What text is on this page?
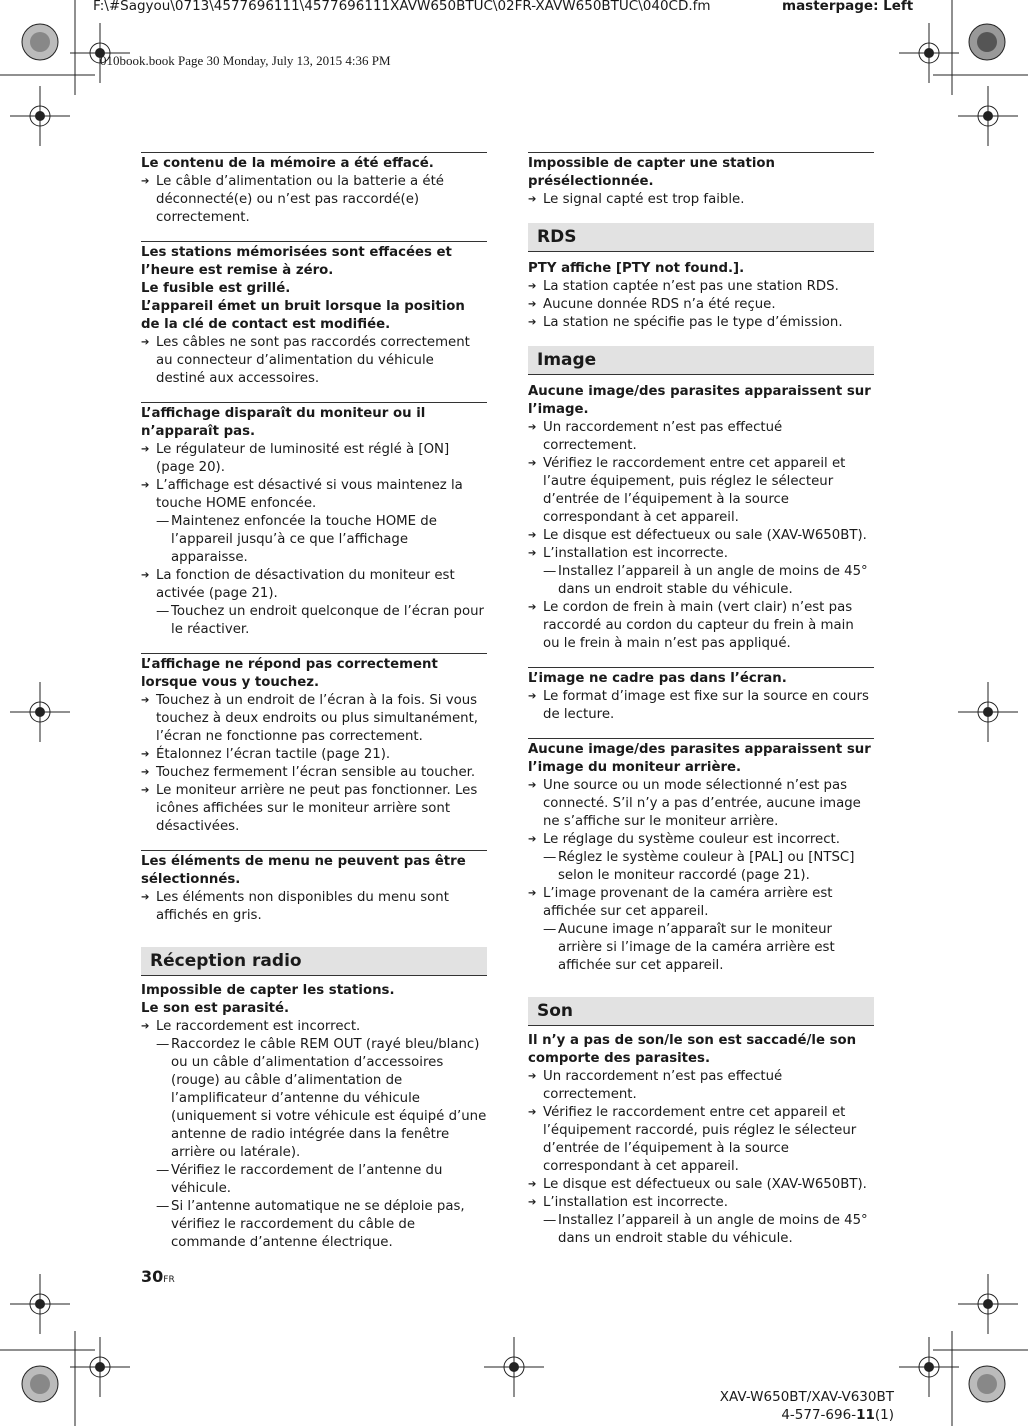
F:\#Sagyou\0713\4577696111\4577696111XAVW650BTUC\02FR-XAVW650BTUC\040CD.fm	masterpage: Left
010book.book Page 30 Monday, July 13, 2015 4:36 PM
Le contenu de la mémoire a été effacé.
➔ Le câble d’alimentation ou la batterie a été déconnecté(e) ou n’est pas raccordé(e) correctement.
Les stations mémorisées sont effacées et l’heure est remise à zéro.
Le fusible est grillé.
L’appareil émet un bruit lorsque la position de la clé de contact est modifiée.
➔ Les câbles ne sont pas raccordés correctement au connecteur d’alimentation du véhicule destiné aux accessoires.
L’affichage disparaît du moniteur ou il n’apparaît pas.
➔ Le régulateur de luminosité est réglé à [ON] (page 20).
➔ L’affichage est désactivé si vous maintenez la touche HOME enfoncée.
— Maintenez enfoncée la touche HOME de l’appareil jusqu’à ce que l’affichage apparaisse.
➔ La fonction de désactivation du moniteur est activée (page 21).
— Touchez un endroit quelconque de l’écran pour le réactiver.
L’affichage ne répond pas correctement lorsque vous y touchez.
➔ Touchez à un endroit de l’écran à la fois. Si vous touchez à deux endroits ou plus simultanément, l’écran ne fonctionne pas correctement.
➔ Étalonnez l’écran tactile (page 21).
➔ Touchez fermement l’écran sensible au toucher.
➔ Le moniteur arrière ne peut pas fonctionner. Les icônes affichées sur le moniteur arrière sont désactivées.
Les éléments de menu ne peuvent pas être sélectionnés.
➔ Les éléments non disponibles du menu sont affichés en gris.
Réception radio
Impossible de capter les stations.
Le son est parasité.
➔ Le raccordement est incorrect.
— Raccordez le câble REM OUT (rayé bleu/blanc) ou un câble d’alimentation d’accessoires (rouge) au câble d’alimentation de l’amplificateur d’antenne du véhicule (uniquement si votre véhicule est équipé d’une antenne de radio intégrée dans la fenêtre arrière ou latérale).
— Vérifiez le raccordement de l’antenne du véhicule.
— Si l’antenne automatique ne se déploie pas, vérifiez le raccordement du câble de commande d’antenne électrique.
Impossible de capter une station présélectionnée.
➔ Le signal capté est trop faible.
RDS
PTY affiche [PTY not found.].
➔ La station captée n’est pas une station RDS.
➔ Aucune donnée RDS n’a été reçue.
➔ La station ne spécifie pas le type d’émission.
Image
Aucune image/des parasites apparaissent sur l’image.
➔ Un raccordement n’est pas effectué correctement.
➔ Vérifiez le raccordement entre cet appareil et l’autre équipement, puis réglez le sélecteur d’entrée de l’équipement à la source correspondant à cet appareil.
➔ Le disque est défectueux ou sale (XAV-W650BT).
➔ L’installation est incorrecte.
— Installez l’appareil à un angle de moins de 45° dans un endroit stable du véhicule.
➔ Le cordon de frein à main (vert clair) n’est pas raccordé au cordon du capteur du frein à main ou le frein à main n’est pas appliqué.
L’image ne cadre pas dans l’écran.
➔ Le format d’image est fixe sur la source en cours de lecture.
Aucune image/des parasites apparaissent sur l’image du moniteur arrière.
➔ Une source ou un mode sélectionné n’est pas connecté. S’il n’y a pas d’entrée, aucune image ne s’affiche sur le moniteur arrière.
➔ Le réglage du système couleur est incorrect.
— Réglez le système couleur à [PAL] ou [NTSC] selon le moniteur raccordé (page 21).
➔ L’image provenant de la caméra arrière est affichée sur cet appareil.
— Aucune image n’apparaît sur le moniteur arrière si l’image de la caméra arrière est affichée sur cet appareil.
Son
Il n’y a pas de son/le son est saccadé/le son comporte des parasites.
➔ Un raccordement n’est pas effectué correctement.
➔ Vérifiez le raccordement entre cet appareil et l’équipement raccordé, puis réglez le sélecteur d’entrée de l’équipement à la source correspondant à cet appareil.
➔ Le disque est défectueux ou sale (XAV-W650BT).
➔ L’installation est incorrecte.
— Installez l’appareil à un angle de moins de 45° dans un endroit stable du véhicule.
30FR
XAV-W650BT/XAV-V630BT
4-577-696-11(1)
